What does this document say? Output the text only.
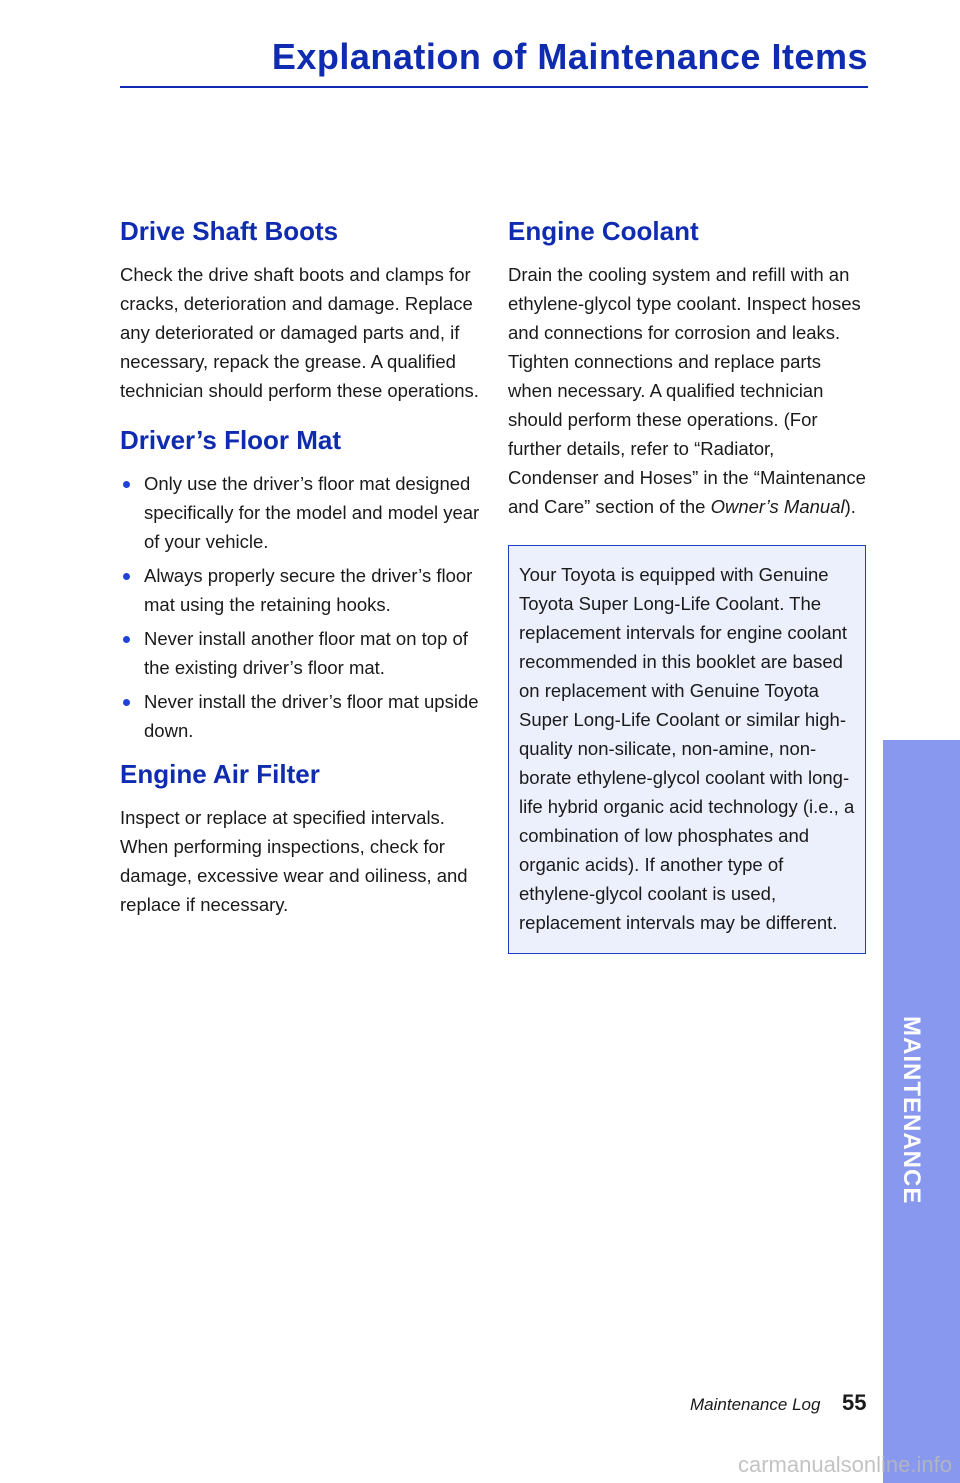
Explanation of Maintenance Items
Drive Shaft Boots

Check the drive shaft boots and clamps for cracks, deterioration and damage. Replace any deteriorated or damaged parts and, if necessary, repack the grease. A qualified technician should perform these operations.

Driver’s Floor Mat
Only use the driver’s floor mat designed specifically for the model and model year of your vehicle.
Always properly secure the driver’s floor mat using the retaining hooks.
Never install another floor mat on top of the existing driver’s floor mat.
Never install the driver’s floor mat upside down.
Engine Air Filter

Inspect or replace at specified intervals. When performing inspections, check for damage, excessive wear and oiliness, and replace if necessary.

Engine Coolant

Drain the cooling system and refill with an ethylene-glycol type coolant. Inspect hoses and connections for corrosion and leaks. Tighten connections and replace parts when necessary. A qualified technician should perform these operations. (For further details, refer to “Radiator, Condenser and Hoses” in the “Maintenance and Care” section of the Owner’s Manual).

Your Toyota is equipped with Genuine Toyota Super Long-Life Coolant. The replacement intervals for engine coolant recommended in this booklet are based on replacement with Genuine Toyota Super Long-Life Coolant or similar high-quality non-silicate, non-amine, non-borate ethylene-glycol coolant with long-life hybrid organic acid technology (i.e., a combination of low phosphates and organic acids). If another type of ethylene-glycol coolant is used, replacement intervals may be different.
MAINTENANCE
Maintenance Log 55
carmanualsonline.info
